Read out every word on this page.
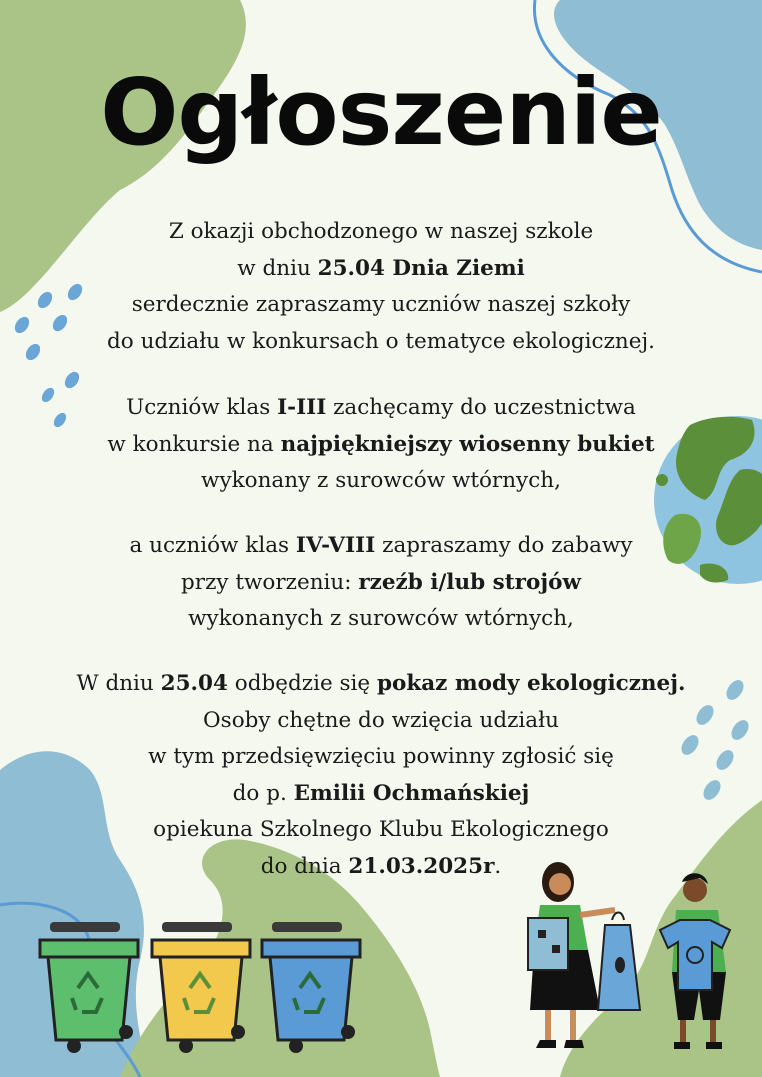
Ogłoszenie

Z okazji obchodzonego w naszej szkole

w dniu 25.04 Dnia Ziemi

serdecznie zapraszamy uczniów naszej szkoły

do udziału w konkursach o tematyce ekologicznej.

Uczniów klas I-III zachęcamy do uczestnictwa

w konkursie na najpiękniejszy wiosenny bukiet

wykonany z surowców wtórnych,

a uczniów klas IV-VIII zapraszamy do zabawy

przy tworzeniu: rzeźb i/lub strojów

wykonanych z surowców wtórnych,

W dniu 25.04 odbędzie się pokaz mody ekologicznej.

Osoby chętne do wzięcia udziału

w tym przedsięwzięciu powinny zgłosić się

do p. Emilii Ochmańskiej

opiekuna Szkolnego Klubu Ekologicznego

do dnia 21.03.2025r.
